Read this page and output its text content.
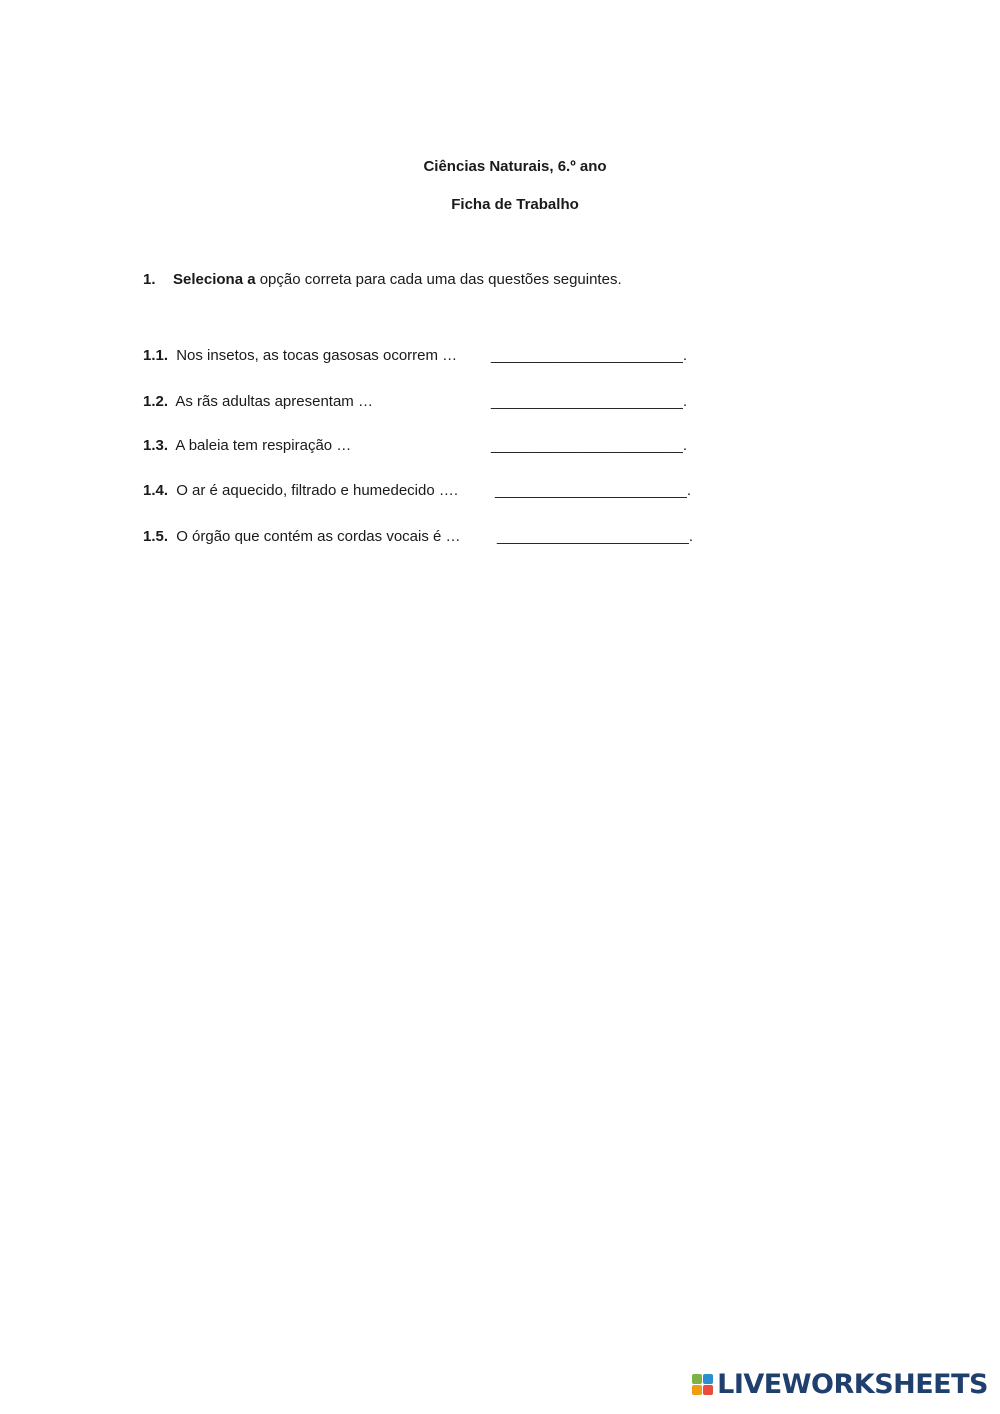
Ciências Naturais, 6.º ano
Ficha de Trabalho
1. Seleciona a opção correta para cada uma das questões seguintes.
1.1. Nos insetos, as tocas gasosas ocorrem … _______________________.
1.2. As rãs adultas apresentam …	_______________________.
1.3. A baleia tem respiração …	_______________________.
1.4. O ar é aquecido, filtrado e humedecido …. _______________________.
1.5. O órgão que contém as cordas vocais é … _______________________.
LIVEWORKSHEETS
